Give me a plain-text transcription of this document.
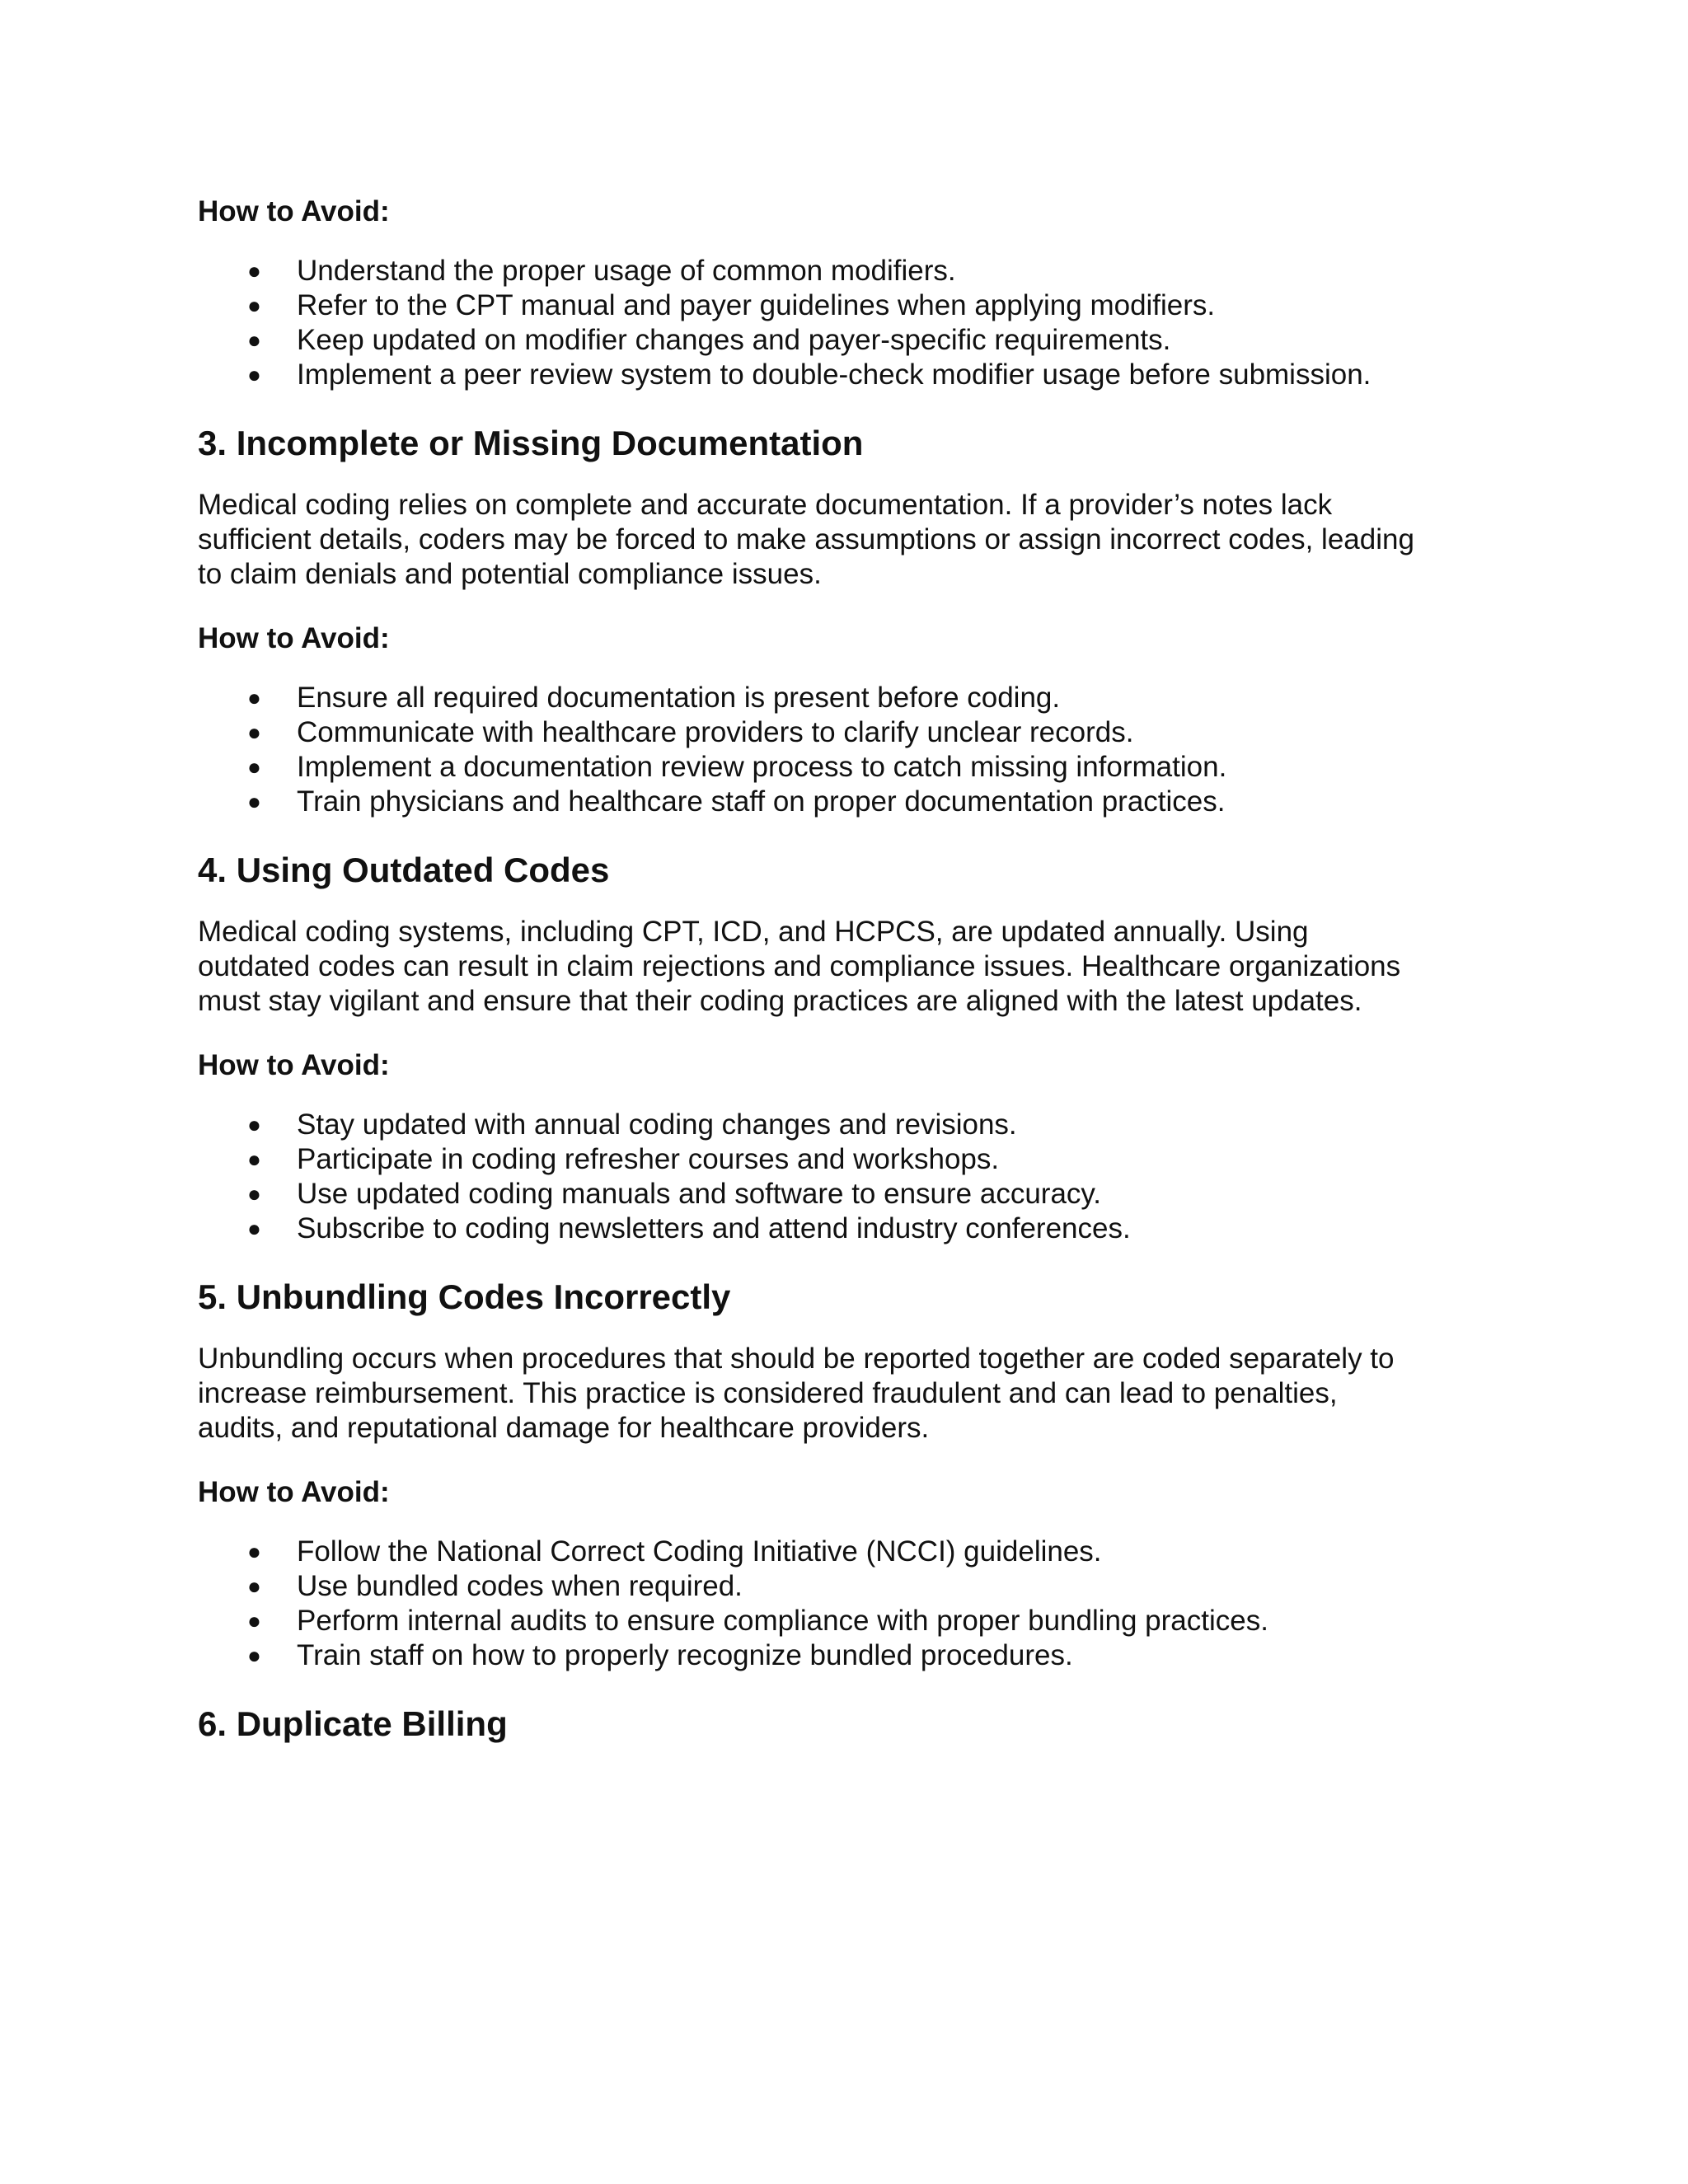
How to Avoid:
● Understand the proper usage of common modifiers.
● Refer to the CPT manual and payer guidelines when applying modifiers.
● Keep updated on modifier changes and payer-specific requirements.
● Implement a peer review system to double-check modifier usage before submission.
3. Incomplete or Missing Documentation
Medical coding relies on complete and accurate documentation. If a provider’s notes lack
sufficient details, coders may be forced to make assumptions or assign incorrect codes, leading
to claim denials and potential compliance issues.
How to Avoid:
● Ensure all required documentation is present before coding.
● Communicate with healthcare providers to clarify unclear records.
● Implement a documentation review process to catch missing information.
● Train physicians and healthcare staff on proper documentation practices.
4. Using Outdated Codes
Medical coding systems, including CPT, ICD, and HCPCS, are updated annually. Using
outdated codes can result in claim rejections and compliance issues. Healthcare organizations
must stay vigilant and ensure that their coding practices are aligned with the latest updates.
How to Avoid:
● Stay updated with annual coding changes and revisions.
● Participate in coding refresher courses and workshops.
● Use updated coding manuals and software to ensure accuracy.
● Subscribe to coding newsletters and attend industry conferences.
5. Unbundling Codes Incorrectly
Unbundling occurs when procedures that should be reported together are coded separately to
increase reimbursement. This practice is considered fraudulent and can lead to penalties,
audits, and reputational damage for healthcare providers.
How to Avoid:
● Follow the National Correct Coding Initiative (NCCI) guidelines.
● Use bundled codes when required.
● Perform internal audits to ensure compliance with proper bundling practices.
● Train staff on how to properly recognize bundled procedures.
6. Duplicate Billing
